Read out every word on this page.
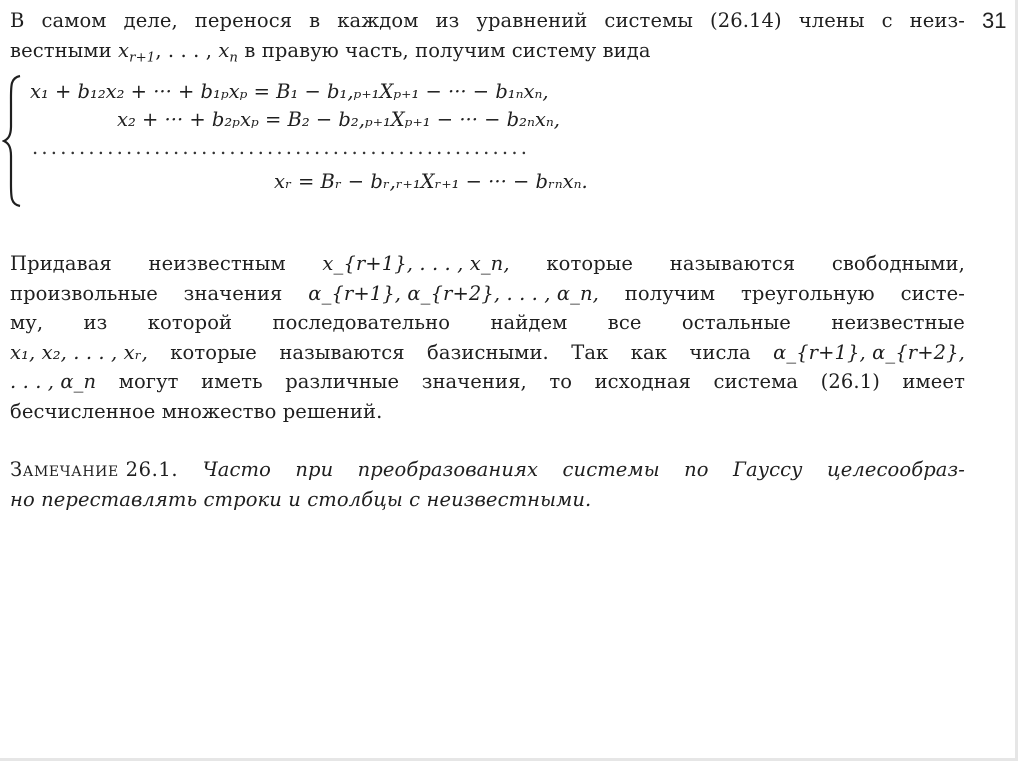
31
В самом деле, перенося в каждом из уравнений системы (26.14) члены с неиз-
вестными $x_{r+1}$, . . . , $x_n$ в правую часть, получим систему вида
x₁ + b₁₂x₂ + ··· + b₁ₚxₚ = B₁ − b₁,ₚ₊₁Xₚ₊₁ − ··· − b₁ₙxₙ,
x₂ + ··· + b₂ₚxₚ = B₂ − b₂,ₚ₊₁Xₚ₊₁ − ··· − b₂ₙxₙ,
.....................................................
xᵣ = Bᵣ − bᵣ,ᵣ₊₁Xᵣ₊₁ − ··· − bᵣₙxₙ.
Придавая неизвестным x_{r+1}, . . . , x_n, которые называются свободными,
произвольные значения α_{r+1}, α_{r+2}, . . . , α_n, получим треугольную систе-
му, из которой последовательно найдем все остальные неизвестные
x₁, x₂, . . . , xᵣ, которые называются базисными. Так как числа α_{r+1}, α_{r+2},
. . . , α_n могут иметь различные значения, то исходная система (26.1) имеет
бесчисленное множество решений.
Замечание 26.1. Часто при преобразованиях системы по Гауссу целесообраз-
но переставлять строки и столбцы с неизвестными.
